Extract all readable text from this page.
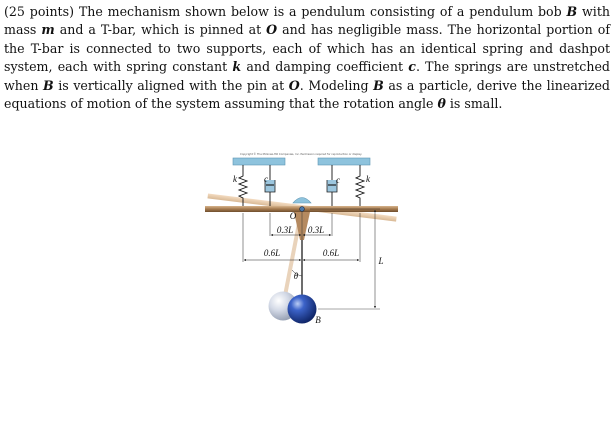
(25 points) The mechanism shown below is a pendulum consisting of a pendulum bob B with mass m and a T-bar, which is pinned at O and has negligible mass. The horizontal portion of the T-bar is connected to two supports, each of which has an identical spring and dashpot system, each with spring constant k and damping coefficient c. The springs are unstretched when B is vertically aligned with the pin at O. Modeling B as a particle, derive the linearized equations of motion of the system assuming that the rotation angle θ is small.

Copyright © The McGraw-Hill Companies, Inc. Permission required for reproduction or display.
k	c	c	k
O
0.3L 0.3L
0.6L	0.6L
L
θ
B
